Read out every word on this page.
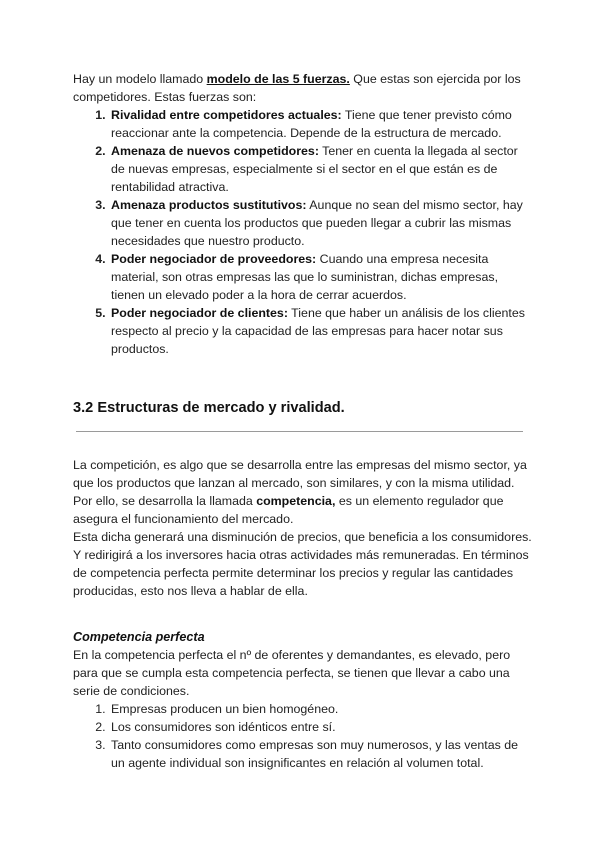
Hay un modelo llamado modelo de las 5 fuerzas. Que estas son ejercida por los competidores. Estas fuerzas son:

1. Rivalidad entre competidores actuales: Tiene que tener previsto cómo reaccionar ante la competencia. Depende de la estructura de mercado.
2. Amenaza de nuevos competidores: Tener en cuenta la llegada al sector de nuevas empresas, especialmente si el sector en el que están es de rentabilidad atractiva.
3. Amenaza productos sustitutivos: Aunque no sean del mismo sector, hay que tener en cuenta los productos que pueden llegar a cubrir las mismas necesidades que nuestro producto.
4. Poder negociador de proveedores: Cuando una empresa necesita material, son otras empresas las que lo suministran, dichas empresas, tienen un elevado poder a la hora de cerrar acuerdos.
5. Poder negociador de clientes: Tiene que haber un análisis de los clientes respecto al precio y la capacidad de las empresas para hacer notar sus productos.
3.2 Estructuras de mercado y rivalidad.

La competición, es algo que se desarrolla entre las empresas del mismo sector, ya que los productos que lanzan al mercado, son similares, y con la misma utilidad.

Por ello, se desarrolla la llamada competencia, es un elemento regulador que asegura el funcionamiento del mercado.

Esta dicha generará una disminución de precios, que beneficia a los consumidores. Y redirigirá a los inversores hacia otras actividades más remuneradas. En términos de competencia perfecta permite determinar los precios y regular las cantidades producidas, esto nos lleva a hablar de ella.

Competencia perfecta

En la competencia perfecta el nº de oferentes y demandantes, es elevado, pero para que se cumpla esta competencia perfecta, se tienen que llevar a cabo una serie de condiciones.

1. Empresas producen un bien homogéneo.
2. Los consumidores son idénticos entre sí.
3. Tanto consumidores como empresas son muy numerosos, y las ventas de un agente individual son insignificantes en relación al volumen total.
